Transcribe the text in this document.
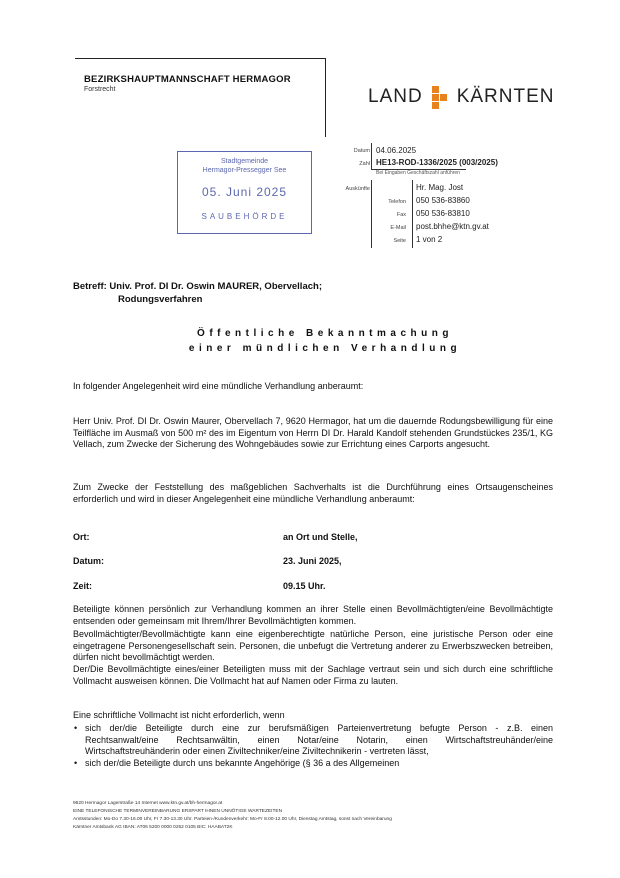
BEZIRKSHAUPTMANNSCHAFT HERMAGOR
Forstrecht	LAND KÄRNTEN
Stadtgemeinde
Hermagor-Pressegger See
05. Juni 2025
SAUBEHÖRDE
Datum 04.06.2025
Zahl HE13-ROD-1336/2025 (003/2025)
Bei Eingaben Geschäftszahl anführen
Auskünfte	Hr. Mag. Jost
Telefon 050 536-83860
Fax 050 536-83810
E-Mail post.bhhe@ktn.gv.at
Seite 1 von 2
Betreff: Univ. Prof. DI Dr. Oswin MAURER, Obervellach;
Rodungsverfahren
Öffentliche Bekanntmachung
einer mündlichen Verhandlung
In folgender Angelegenheit wird eine mündliche Verhandlung anberaumt:
Herr Univ. Prof. DI Dr. Oswin Maurer, Obervellach 7, 9620 Hermagor, hat um die dauernde Rodungsbewilligung für eine Teilfläche im Ausmaß von 500 m² des im Eigentum von Herrn DI Dr. Harald Kandolf stehenden Grundstückes 235/1, KG Vellach, zum Zwecke der Sicherung des Wohngebäudes sowie zur Errichtung eines Carports angesucht.
Zum Zwecke der Feststellung des maßgeblichen Sachverhalts ist die Durchführung eines Ortsaugenscheines erforderlich und wird in dieser Angelegenheit eine mündliche Verhandlung anberaumt:
Ort:	an Ort und Stelle,
Datum:	23. Juni 2025,
Zeit:	09.15 Uhr.
Beteiligte können persönlich zur Verhandlung kommen an ihrer Stelle einen Bevollmächtigten/eine Bevollmächtigte entsenden oder gemeinsam mit Ihrem/Ihrer Bevollmächtigten kommen.
Bevollmächtigter/Bevollmächtigte kann eine eigenberechtigte natürliche Person, eine juristische Person oder eine eingetragene Personengesellschaft sein. Personen, die unbefugt die Vertretung anderer zu Erwerbszwecken betreiben, dürfen nicht bevollmächtigt werden.
Der/Die Bevollmächtigte eines/einer Beteiligten muss mit der Sachlage vertraut sein und sich durch eine schriftliche Vollmacht ausweisen können. Die Vollmacht hat auf Namen oder Firma zu lauten.
Eine schriftliche Vollmacht ist nicht erforderlich, wenn
• sich der/die Beteiligte durch eine zur berufsmäßigen Parteienvertretung befugte Person - z.B. einen Rechtsanwalt/eine Rechtsanwältin, einen Notar/eine Notarin, einen Wirtschaftstreuhänder/eine Wirtschaftstreuhänderin oder einen Ziviltechniker/eine Ziviltechnikerin - vertreten lässt,
• sich der/die Beteiligte durch uns bekannte Angehörige (§ 36 a des Allgemeinen
9620 Hermagor Lagerstraße 14 Internet www.ktn.gv.at/bh-hermagor.at
EINE TELEFONISCHE TERMINVEREINBARUNG ERSPART IHNEN UNNÖTIGE WARTEZEITEN
Amtsstunden: Mo-Do 7.30-16.00 Uhr, Fr 7.30-13.30 Uhr. Parteien-/Kundenverkehr: Mo-Fr 8.00-12.00 Uhr, Dienstag Amtstag, sonst nach Vereinbarung
Kärntner Amtsbank AG IBAN: AT06 5200 0000 0252 0105 BIC: HAABAT2K
